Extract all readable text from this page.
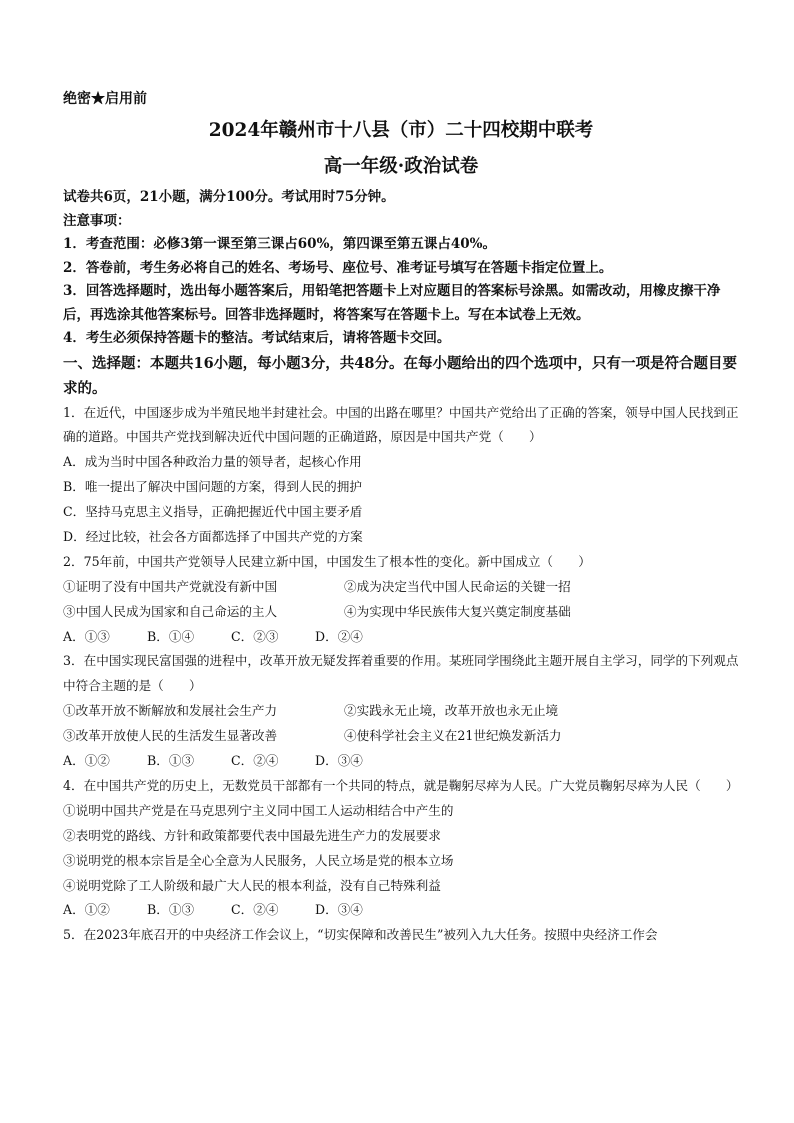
绝密★启用前
2024年赣州市十八县（市）二十四校期中联考
高一年级·政治试卷
试卷共6页，21小题，满分100分。考试用时75分钟。
注意事项：
1．考查范围：必修3第一课至第三课占60%，第四课至第五课占40%。
2．答卷前，考生务必将自己的姓名、考场号、座位号、准考证号填写在答题卡指定位置上。
3．回答选择题时，选出每小题答案后，用铅笔把答题卡上对应题目的答案标号涂黑。如需改动，用橡皮擦干净后，再选涂其他答案标号。回答非选择题时，将答案写在答题卡上。写在本试卷上无效。
4．考生必须保持答题卡的整洁。考试结束后，请将答题卡交回。
一、选择题：本题共16小题，每小题3分，共48分。在每小题给出的四个选项中，只有一项是符合题目要求的。
1．在近代，中国逐步成为半殖民地半封建社会。中国的出路在哪里？中国共产党给出了正确的答案，领导中国人民找到正确的道路。中国共产党找到解决近代中国问题的正确道路，原因是中国共产党（　　）
A．成为当时中国各种政治力量的领导者，起核心作用
B．唯一提出了解决中国问题的方案，得到人民的拥护
C．坚持马克思主义指导，正确把握近代中国主要矛盾
D．经过比较，社会各方面都选择了中国共产党的方案
2．75年前，中国共产党领导人民建立新中国，中国发生了根本性的变化。新中国成立（　　）
①证明了没有中国共产党就没有新中国	②成为决定当代中国人民命运的关键一招
③中国人民成为国家和自己命运的主人	④为实现中华民族伟大复兴奠定制度基础
A．①③	B．①④	C．②③	D．②④
3．在中国实现民富国强的进程中，改革开放无疑发挥着重要的作用。某班同学围绕此主题开展自主学习，同学的下列观点中符合主题的是（　　）
①改革开放不断解放和发展社会生产力	②实践永无止境，改革开放也永无止境
③改革开放使人民的生活发生显著改善	④使科学社会主义在21世纪焕发新活力
A．①②	B．①③	C．②④	D．③④
4．在中国共产党的历史上，无数党员干部都有一个共同的特点，就是鞠躬尽瘁为人民。广大党员鞠躬尽瘁为人民（　　）
①说明中国共产党是在马克思列宁主义同中国工人运动相结合中产生的
②表明党的路线、方针和政策都要代表中国最先进生产力的发展要求
③说明党的根本宗旨是全心全意为人民服务，人民立场是党的根本立场
④说明党除了工人阶级和最广大人民的根本利益，没有自己特殊利益
A．①②	B．①③	C．②④	D．③④
5．在2023年底召开的中央经济工作会议上，“切实保障和改善民生”被列入九大任务。按照中央经济工作会
